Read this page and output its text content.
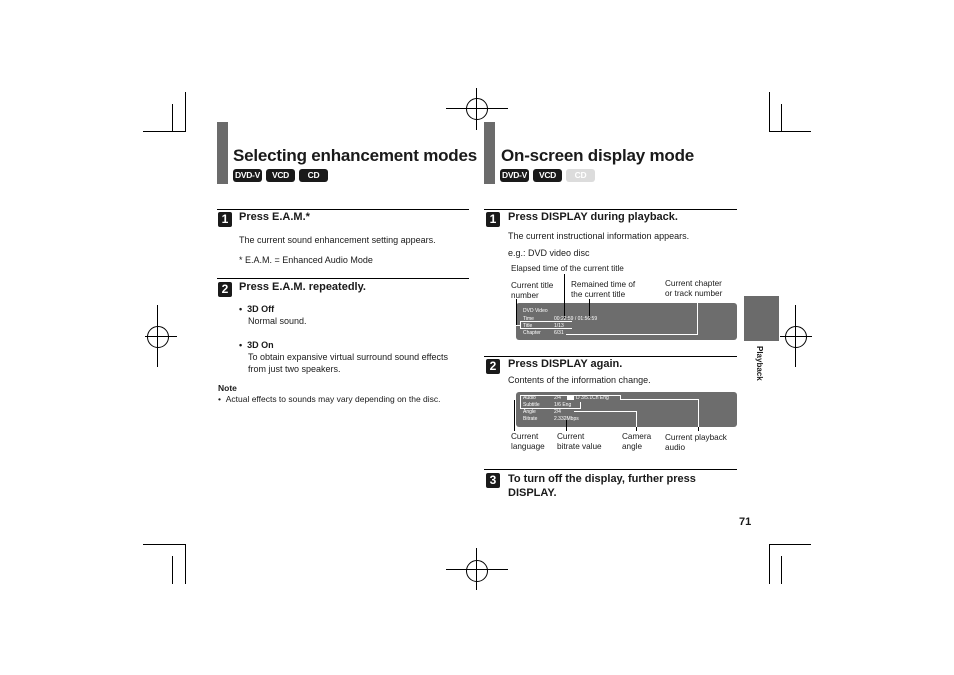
Selecting enhancement modes
DVD-V	VCD	CD
1 Press E.A.M.*
The current sound enhancement setting appears.
* E.A.M. = Enhanced Audio Mode
2 Press E.A.M. repeatedly.
•  3D Off
Normal sound.
•  3D On
To obtain expansive virtual surround sound effects
from just two speakers.
Note
•  Actual effects to sounds may vary depending on the disc.
On-screen display mode
DVD-V	VCD	CD
1	Press DISPLAY during playback.
The current instructional information appears.
e.g.: DVD video disc
Elapsed time of the current title
Current title
number
Remained time of
the current title
Current chapter
or track number
DVD Video
Time	00:22:59 / 01:56:59
Title	1/13
Chapter	6/31
2	Press DISPLAY again.
Contents of the information change.
Audio	2/4	D 3/5.1Ch Eng
Subtitle	1/6 Eng
Angle	2/4
Bitrate	2.332Mbps
Current
language
Current
bitrate value
Camera
angle
Current playback
audio
3	To turn off the display, further press
DISPLAY.
Playback
71
